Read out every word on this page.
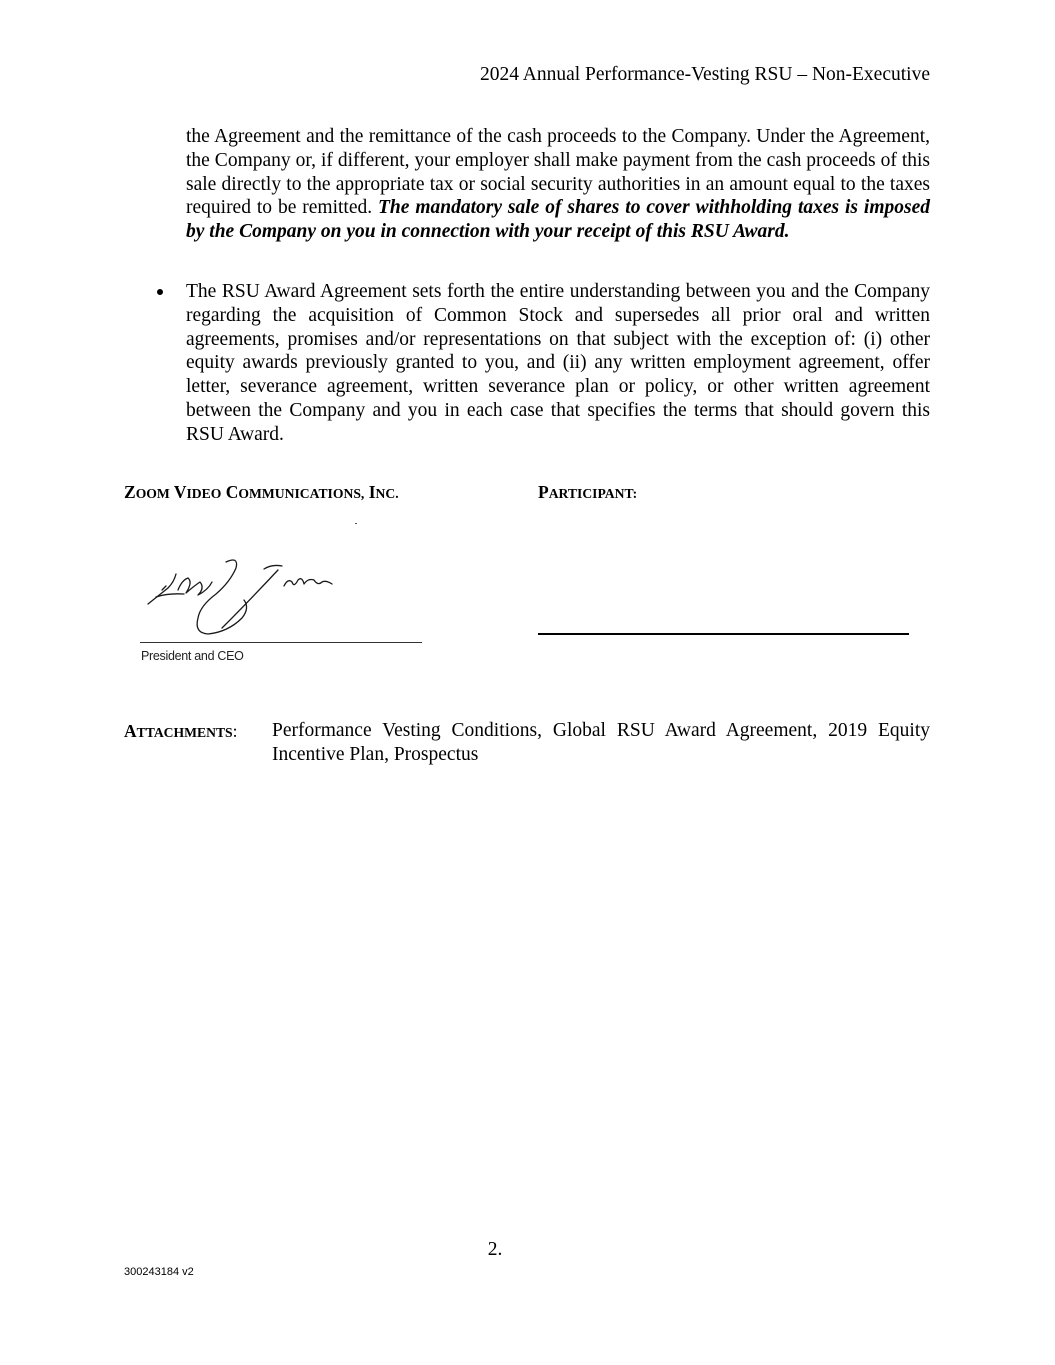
2024 Annual Performance-Vesting RSU – Non-Executive

the Agreement and the remittance of the cash proceeds to the Company. Under the Agreement, the Company or, if different, your employer shall make payment from the cash proceeds of this sale directly to the appropriate tax or social security authorities in an amount equal to the taxes required to be remitted. The mandatory sale of shares to cover withholding taxes is imposed by the Company on you in connection with your receipt of this RSU Award.

The RSU Award Agreement sets forth the entire understanding between you and the Company regarding the acquisition of Common Stock and supersedes all prior oral and written agreements, promises and/or representations on that subject with the exception of: (i) other equity awards previously granted to you, and (ii) any written employment agreement, offer letter, severance agreement, written severance plan or policy, or other written agreement between the Company and you in each case that specifies the terms that should govern this RSU Award.

ZOOM VIDEO COMMUNICATIONS, INC.	PARTICIPANT:
President and CEO
ATTACHMENTS: Performance Vesting Conditions, Global RSU Award Agreement, 2019 Equity Incentive Plan, Prospectus

2.
300243184 v2
